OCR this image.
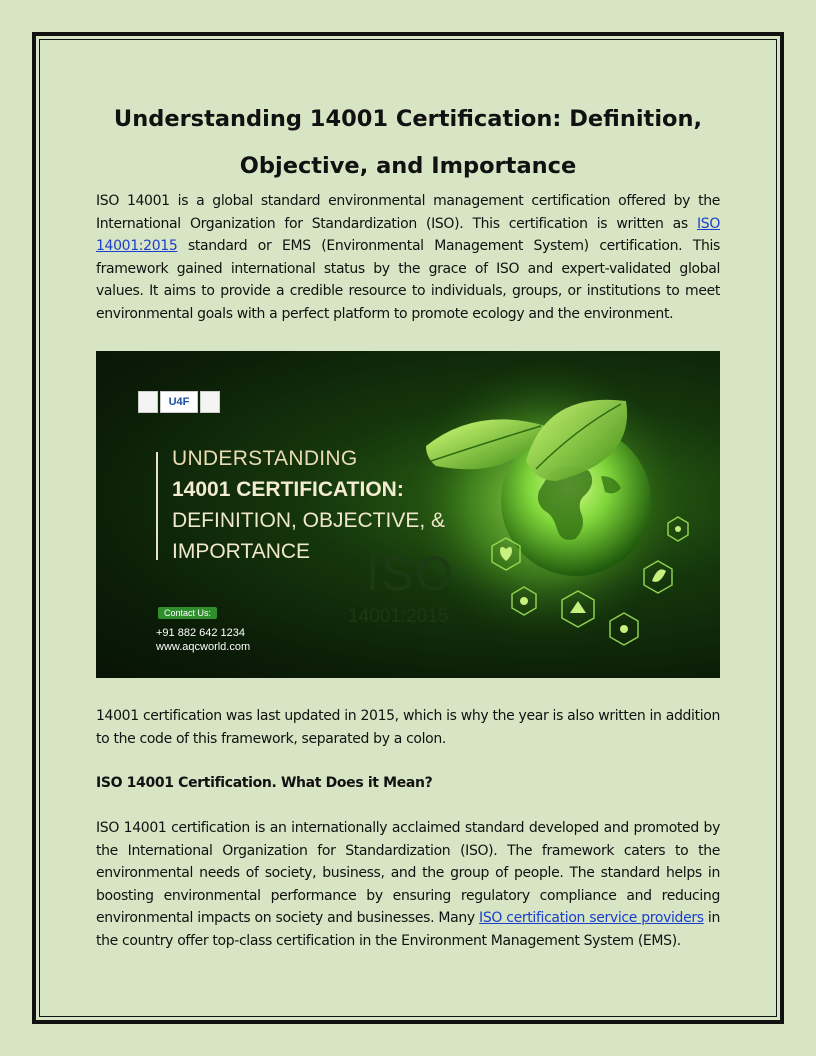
Understanding 14001 Certification: Definition,
Objective, and Importance

ISO 14001 is a global standard environmental management certification offered by the International Organization for Standardization (ISO). This certification is written as ISO 14001:2015 standard or EMS (Environmental Management System) certification. This framework gained international status by the grace of ISO and expert-validated global values. It aims to provide a credible resource to individuals, groups, or institutions to meet environmental goals with a perfect platform to promote ecology and the environment.

U4F
UNDERSTANDING
14001 CERTIFICATION:
DEFINITION, OBJECTIVE, &
IMPORTANCE ISO
14001:2015
Contact Us:
+91 882 642 1234
www.aqcworld.com

14001 certification was last updated in 2015, which is why the year is also written in addition to the code of this framework, separated by a colon.

ISO 14001 Certification. What Does it Mean?

ISO 14001 certification is an internationally acclaimed standard developed and promoted by the International Organization for Standardization (ISO). The framework caters to the environmental needs of society, business, and the group of people. The standard helps in boosting environmental performance by ensuring regulatory compliance and reducing environmental impacts on society and businesses. Many ISO certification service providers in the country offer top-class certification in the Environment Management System (EMS).
